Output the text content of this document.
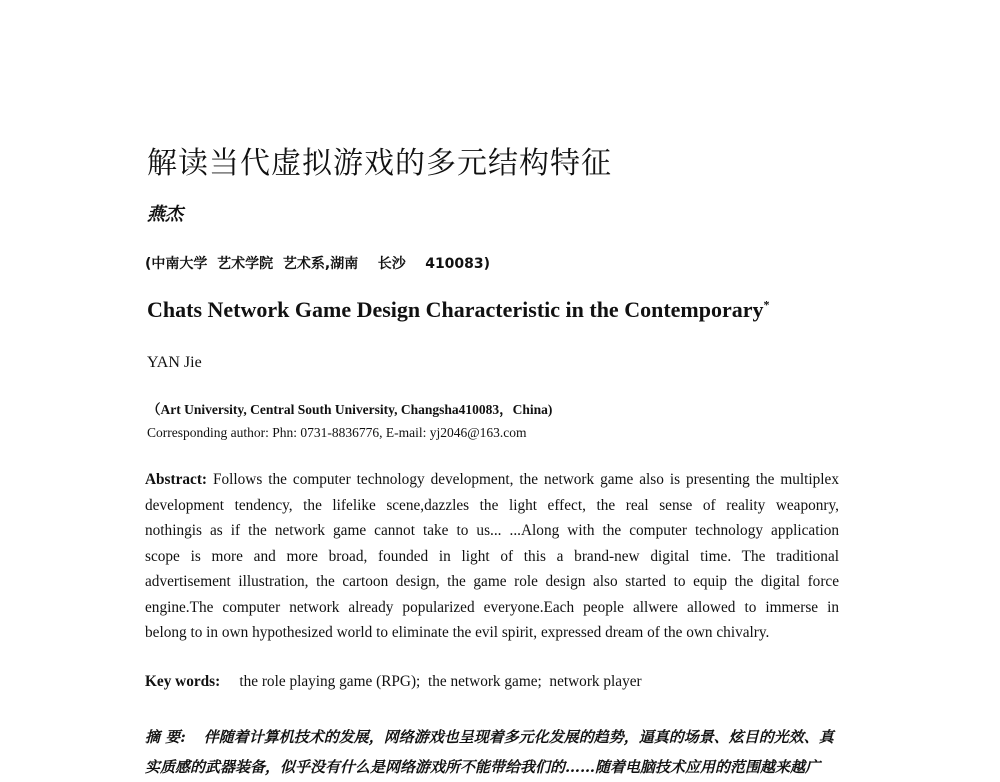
解读当代虚拟游戏的多元结构特征
燕杰
(中南大学  艺术学院  艺术系,湖南    长沙    410083)
Chats Network Game Design Characteristic in the Contemporary*
YAN Jie
（Art University, Central South University, Changsha410083，China)
Corresponding author: Phn: 0731-8836776, E-mail: yj2046@163.com
Abstract: Follows the computer technology development, the network game also is presenting the multiplex
development tendency, the lifelike scene,dazzles the light effect, the real sense of reality weaponry,
nothingis as if the network game cannot take to us... ...Along with the computer technology application
scope is more and more broad, founded in light of this a brand-new digital time. The traditional
advertisement illustration, the cartoon design, the game role design also started to equip the digital force
engine.The computer network already popularized everyone.Each people allwere allowed to immerse in
belong to in own hypothesized world to eliminate the evil spirit, expressed dream of the own chivalry.
Key words:     the role playing game (RPG);  the network game;  network player
摘 要: 伴随着计算机技术的发展，网络游戏也呈现着多元化发展的趋势，逼真的场景、炫目的光效、真
实质感的武器装备，似乎没有什么是网络游戏所不能带给我们的……随着电脑技术应用的范围越来越广
